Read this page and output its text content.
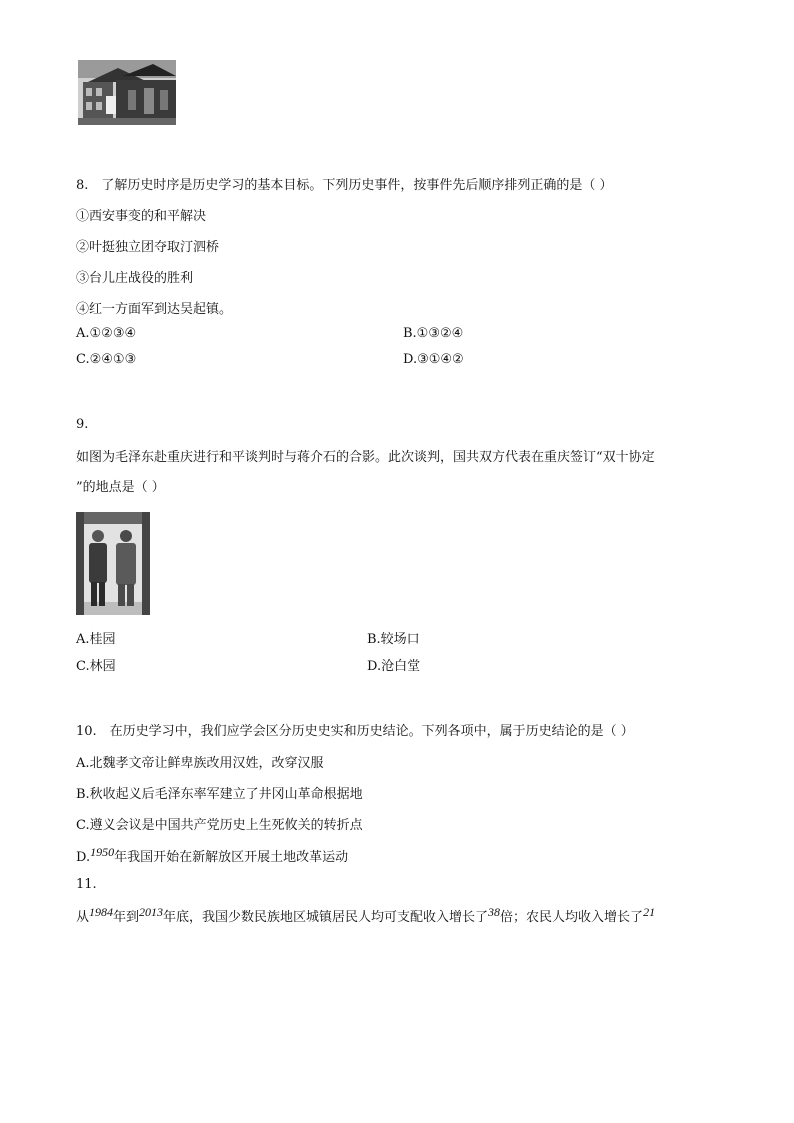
8.　了解历史时序是历史学习的基本目标。下列历史事件，按事件先后顺序排列正确的是（ ）
①西安事变的和平解决
②叶挺独立团夺取汀泗桥
③台儿庄战役的胜利
④红一方面军到达吴起镇。
A.①②③④	B.①③②④
C.②④①③	D.③①④②
9.
如图为毛泽东赴重庆进行和平谈判时与蒋介石的合影。此次谈判，国共双方代表在重庆签订“双十协定
”的地点是（ ）
A.桂园	B.较场口
C.林园	D.沧白堂
10.　在历史学习中，我们应学会区分历史史实和历史结论。下列各项中，属于历史结论的是（ ）
A.北魏孝文帝让鲜卑族改用汉姓，改穿汉服
B.秋收起义后毛泽东率军建立了井冈山革命根据地
C.遵义会议是中国共产党历史上生死攸关的转折点
D.1950年我国开始在新解放区开展土地改革运动
11.
从1984年到2013年底，我国少数民族地区城镇居民人均可支配收入增长了38倍；农民人均收入增长了21
